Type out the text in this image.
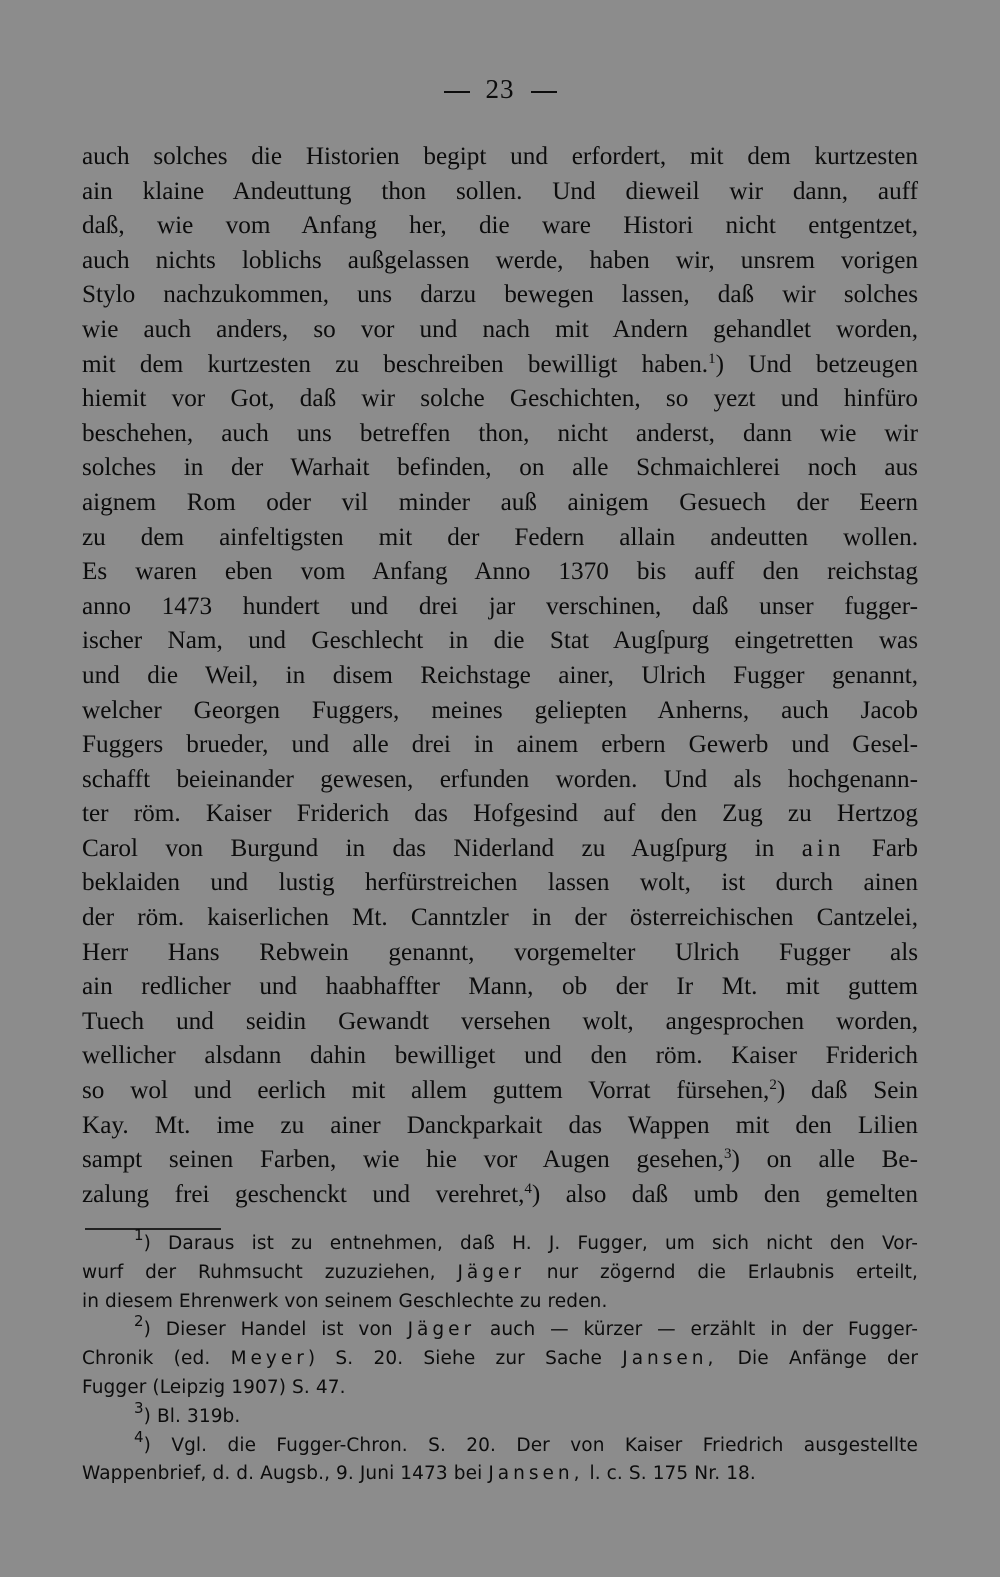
23
auch solches die Historien begipt und erfordert, mit dem kurtzesten
ain klaine Andeuttung thon sollen. Und dieweil wir dann, auff
daß, wie vom Anfang her, die ware Histori nicht entgentzet,
auch nichts loblichs außgelassen werde, haben wir, unsrem vorigen
Stylo nachzukommen, uns darzu bewegen lassen, daß wir solches
wie auch anders, so vor und nach mit Andern gehandlet worden,
mit dem kurtzesten zu beschreiben bewilligt haben.$^1$) Und betzeugen
hiemit vor Got, daß wir solche Geschichten, so yezt und hinfüro
beschehen, auch uns betreffen thon, nicht anderst, dann wie wir
solches in der Warhait befinden, on alle Schmaichlerei noch aus
aignem Rom oder vil minder auß ainigem Gesuech der Eeern
zu dem ainfeltigsten mit der Federn allain andeutten wollen.
Es waren eben vom Anfang Anno 1370 bis auff den reichstag
anno 1473 hundert und drei jar verschinen, daß unser fugger-
ischer Nam, und Geschlecht in die Stat Augſpurg eingetretten was
und die Weil, in disem Reichstage ainer, Ulrich Fugger genannt,
welcher Georgen Fuggers, meines geliepten Anherns, auch Jacob
Fuggers brueder, und alle drei in ainem erbern Gewerb und Gesel-
schafft beieinander gewesen, erfunden worden. Und als hochgenann-
ter röm. Kaiser Friderich das Hofgesind auf den Zug zu Hertzog
Carol von Burgund in das Niderland zu Augſpurg in ain Farb
beklaiden und lustig herfürstreichen lassen wolt, ist durch ainen
der röm. kaiserlichen Mt. Canntzler in der österreichischen Cantzelei,
Herr Hans Rebwein genannt, vorgemelter Ulrich Fugger als
ain redlicher und haabhaffter Mann, ob der Ir Mt. mit guttem
Tuech und seidin Gewandt versehen wolt, angesprochen worden,
wellicher alsdann dahin bewilliget und den röm. Kaiser Friderich
so wol und eerlich mit allem guttem Vorrat fürsehen,$^2$) daß Sein
Kay. Mt. ime zu ainer Danckparkait das Wappen mit den Lilien
sampt seinen Farben, wie hie vor Augen gesehen,$^3$) on alle Be-
zalung frei geschenckt und verehret,$^4$) also daß umb den gemelten
$^1$) Daraus ist zu entnehmen, daß H. J. Fugger, um sich nicht den Vor-
wurf der Ruhmsucht zuzuziehen, Jäger nur zögernd die Erlaubnis erteilt,
in diesem Ehrenwerk von seinem Geschlechte zu reden.
$^2$) Dieser Handel ist von Jäger auch — kürzer — erzählt in der Fugger-
Chronik (ed. Meyer) S. 20. Siehe zur Sache Jansen, Die Anfänge der
Fugger (Leipzig 1907) S. 47.
$^3$) Bl. 319b.
$^4$) Vgl. die Fugger-Chron. S. 20. Der von Kaiser Friedrich ausgestellte
Wappenbrief, d. d. Augsb., 9. Juni 1473 bei Jansen, l. c. S. 175 Nr. 18.
